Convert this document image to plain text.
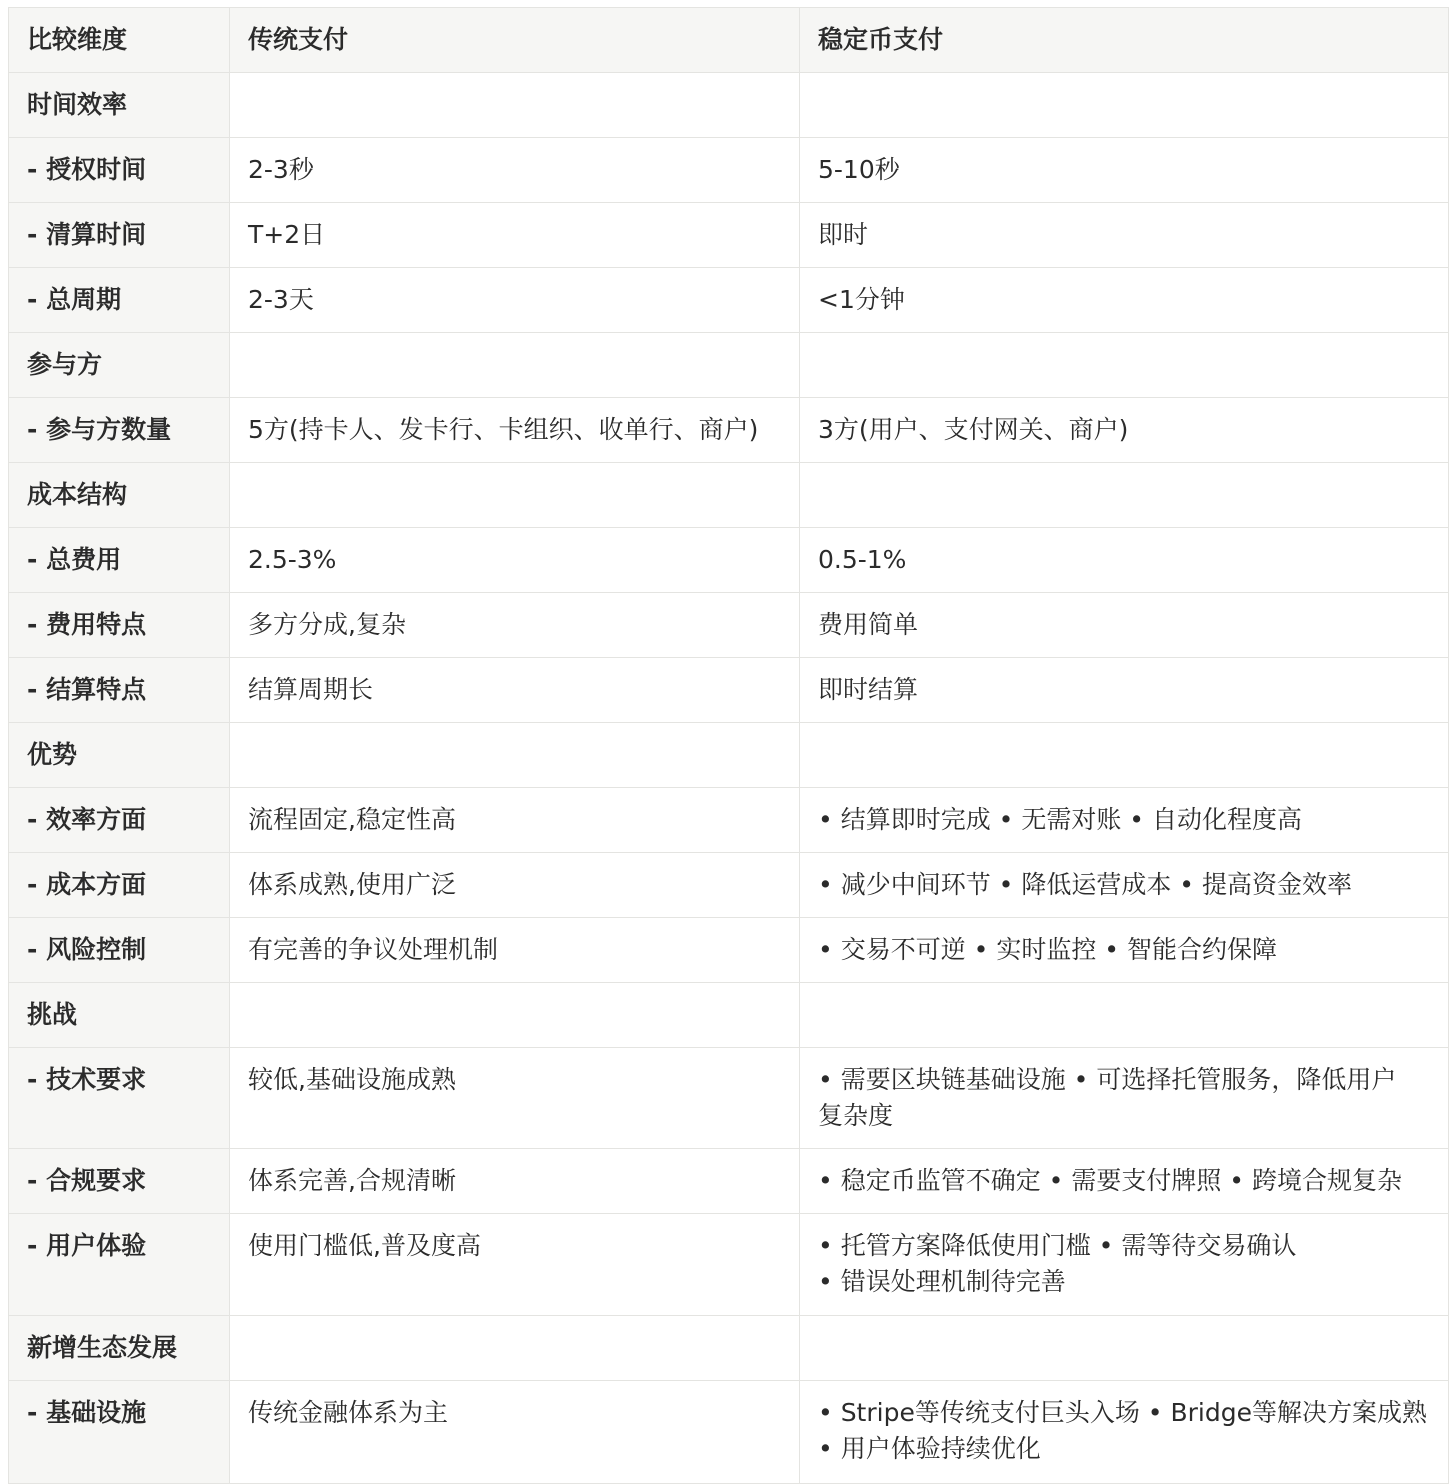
比较维度	传统支付	稳定币支付
时间效率		
- 授权时间	2-3秒	5-10秒
- 清算时间	T+2日	即时
- 总周期	2-3天	<1分钟
参与方		
- 参与方数量	5方(持卡人、发卡行、卡组织、收单行、商户)	3方(用户、支付网关、商户)
成本结构		
- 总费用	2.5-3%	0.5-1%
- 费用特点	多方分成,复杂	费用简单
- 结算特点	结算周期长	即时结算
优势		
- 效率方面	流程固定,稳定性高	• 结算即时完成 • 无需对账 • 自动化程度高
- 成本方面	体系成熟,使用广泛	• 减少中间环节 • 降低运营成本 • 提高资金效率
- 风险控制	有完善的争议处理机制	• 交易不可逆 • 实时监控 • 智能合约保障
挑战		
- 技术要求	较低,基础设施成熟	• 需要区块链基础设施 • 可选择托管服务，降低用户
复杂度
- 合规要求	体系完善,合规清晰	• 稳定币监管不确定 • 需要支付牌照 • 跨境合规复杂
- 用户体验	使用门槛低,普及度高	• 托管方案降低使用门槛 • 需等待交易确认
• 错误处理机制待完善
新增生态发展		
- 基础设施	传统金融体系为主	• Stripe等传统支付巨头入场 • Bridge等解决方案成熟
• 用户体验持续优化
